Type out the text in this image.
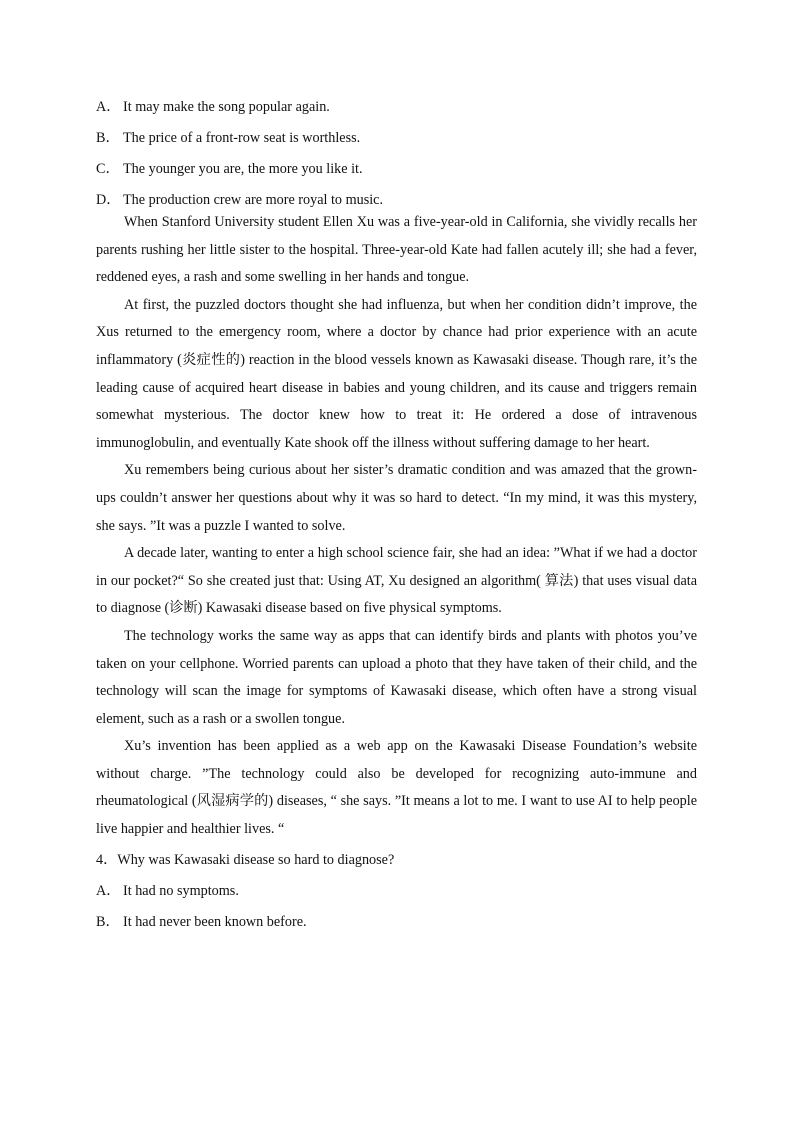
A． It may make the song popular again.
B． The price of a front-row seat is worthless.
C． The younger you are, the more you like it.
D． The production crew are more royal to music.

When Stanford University student Ellen Xu was a five-year-old in California, she vividly recalls her parents rushing her little sister to the hospital. Three-year-old Kate had fallen acutely ill; she had a fever, reddened eyes, a rash and some swelling in her hands and tongue.

At first, the puzzled doctors thought she had influenza, but when her condition didn’t improve, the Xus returned to the emergency room, where a doctor by chance had prior experience with an acute inflammatory (炎症性的) reaction in the blood vessels known as Kawasaki disease. Though rare, it’s the leading cause of acquired heart disease in babies and young children, and its cause and triggers remain somewhat mysterious. The doctor knew how to treat it: He ordered a dose of intravenous immunoglobulin, and eventually Kate shook off the illness without suffering damage to her heart.

Xu remembers being curious about her sister’s dramatic condition and was amazed that the grown-ups couldn’t answer her questions about why it was so hard to detect. “In my mind, it was this mystery, she says. ”It was a puzzle I wanted to solve.

A decade later, wanting to enter a high school science fair, she had an idea: ”What if we had a doctor in our pocket?“ So she created just that: Using AT, Xu designed an algorithm( 算法) that uses visual data to diagnose (诊断) Kawasaki disease based on five physical symptoms.

The technology works the same way as apps that can identify birds and plants with photos you’ve taken on your cellphone. Worried parents can upload a photo that they have taken of their child, and the technology will scan the image for symptoms of Kawasaki disease, which often have a strong visual element, such as a rash or a swollen tongue.

Xu’s invention has been applied as a web app on the Kawasaki Disease Foundation’s website without charge. ”The technology could also be developed for recognizing auto-immune and rheumatological (风湿病学的) diseases, “ she says. ”It means a lot to me. I want to use AI to help people live happier and healthier lives. “

4．Why was Kawasaki disease so hard to diagnose?
A． It had no symptoms.
B． It had never been known before.
